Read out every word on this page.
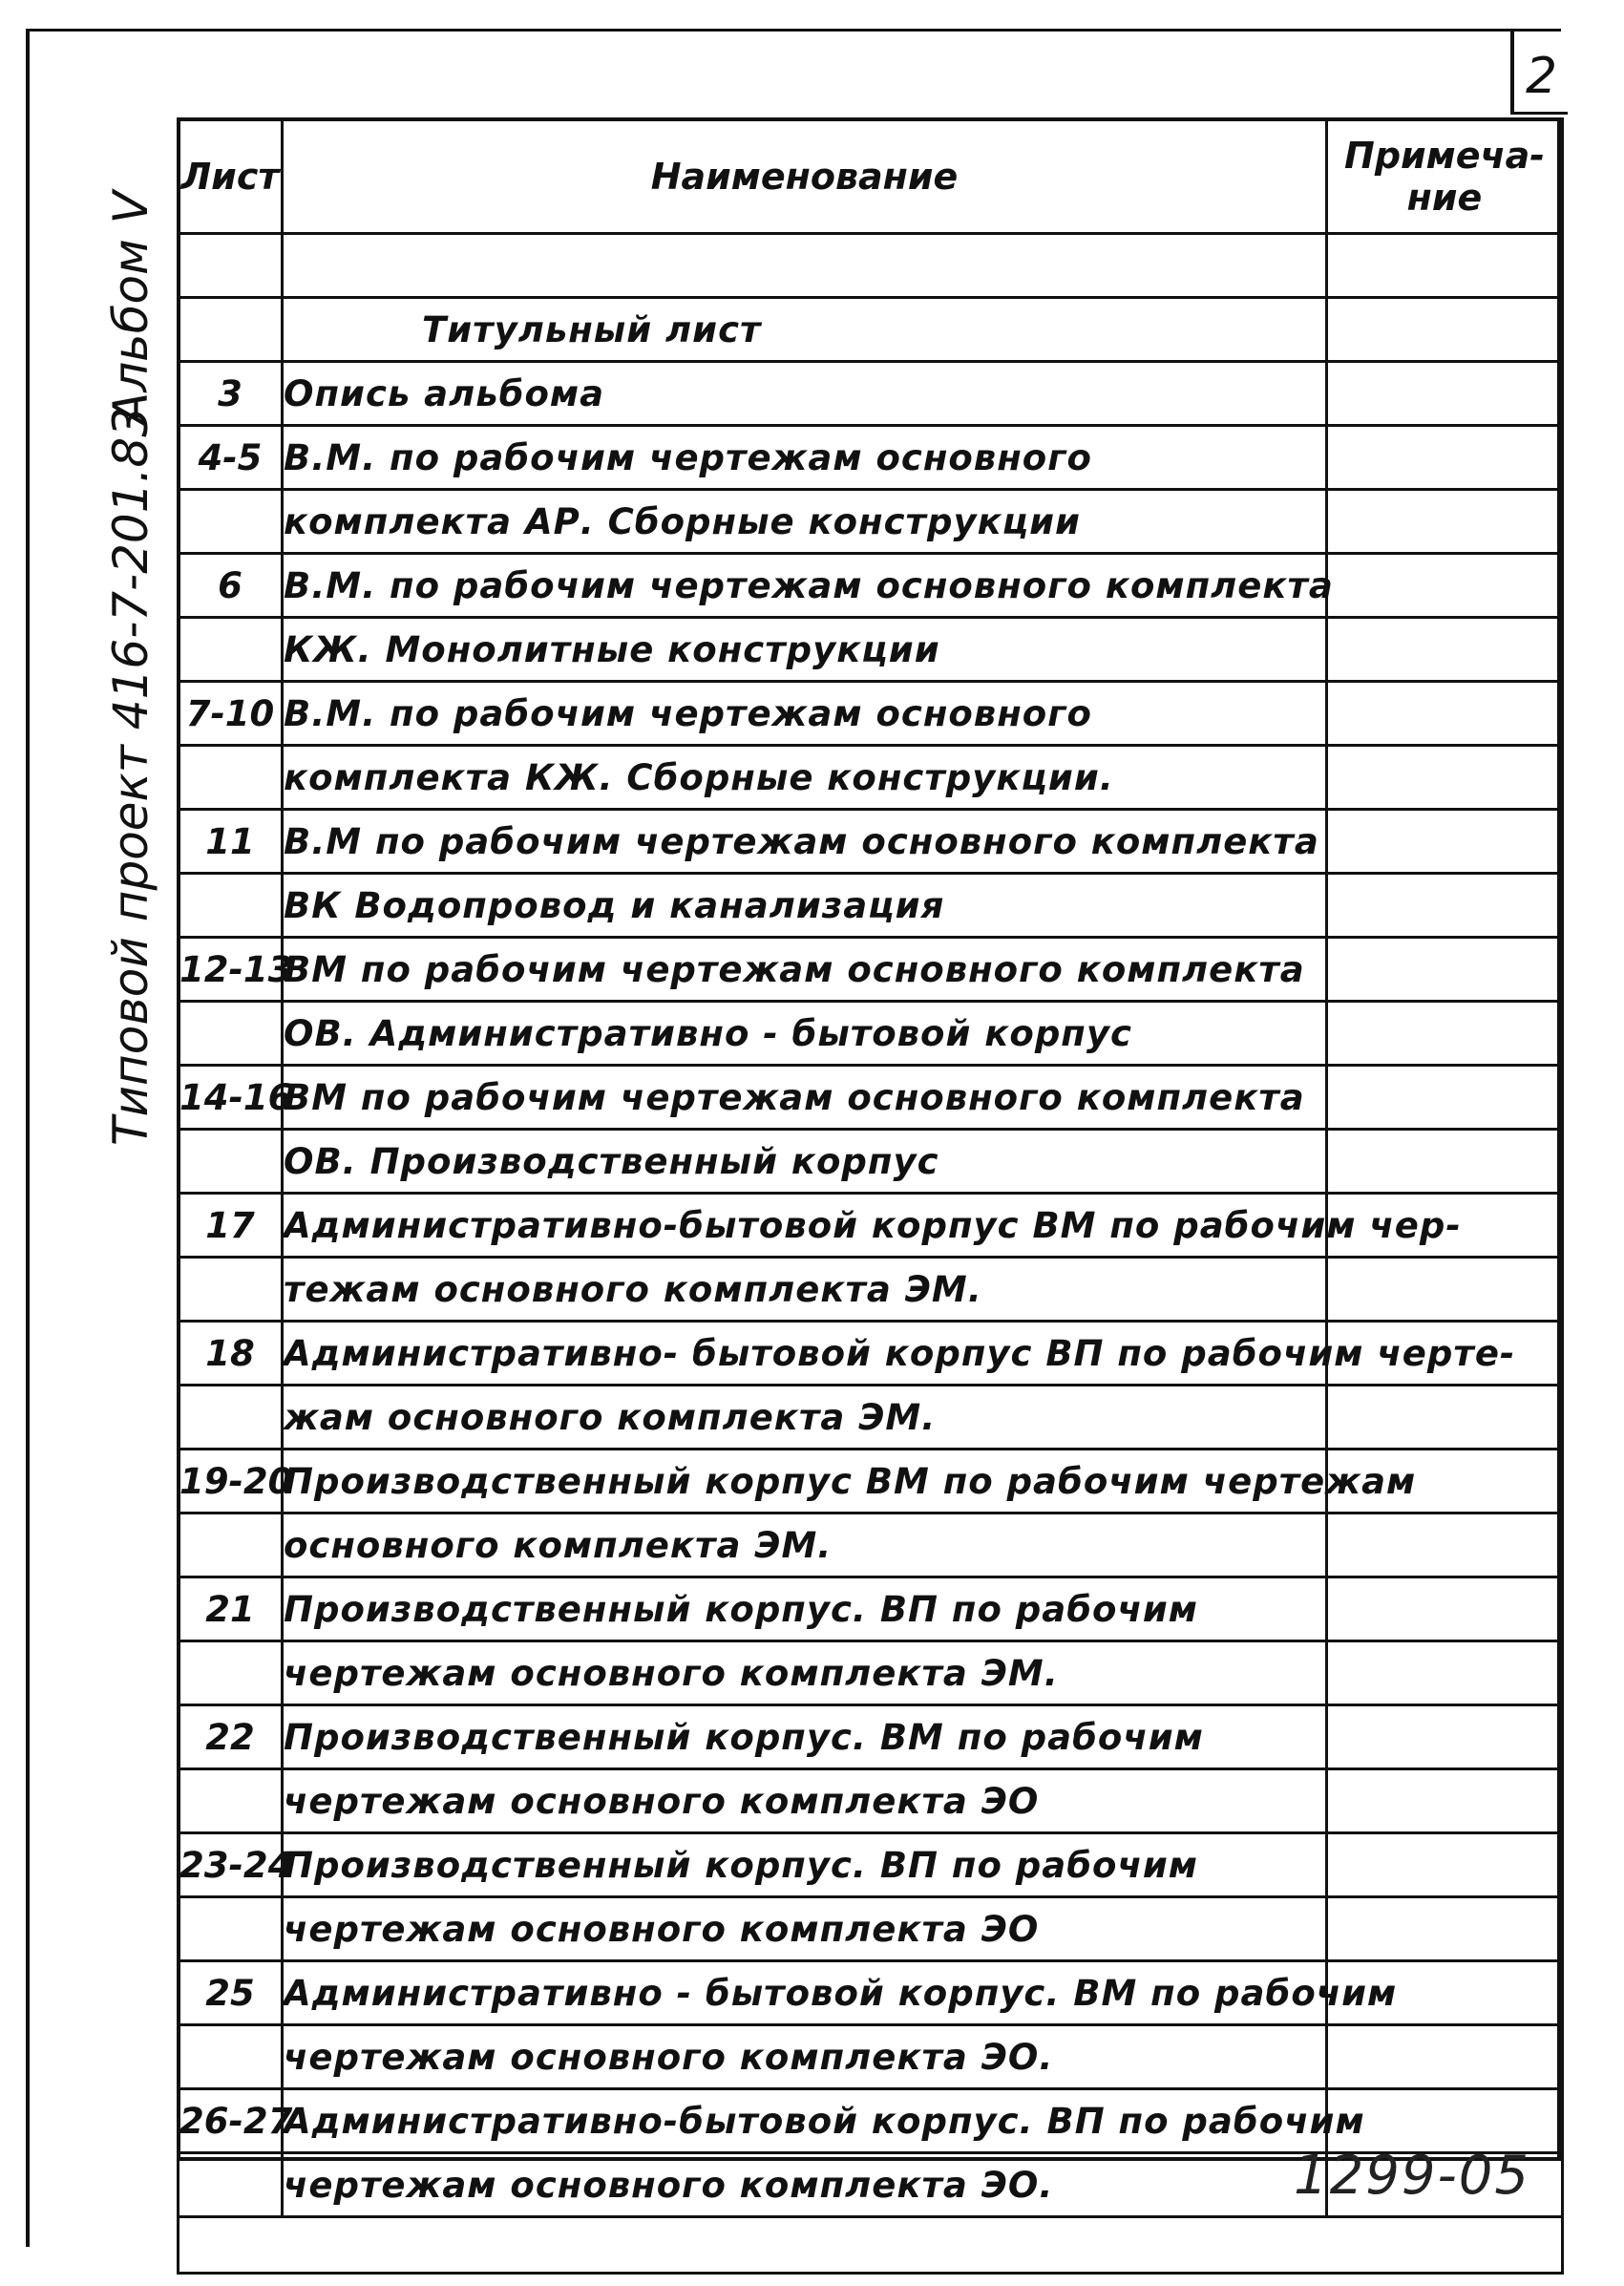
2
Альбом V
Типовой проект 416-7-201.83
Лист	Наименование	Примеча-
ние

	Титульный лист	
3	Опись альбома	
4-5	В.М. по рабочим чертежам основного	
	комплекта АР. Сборные конструкции	
6	В.М. по рабочим чертежам основного комплекта	
	КЖ. Монолитные конструкции	
7-10	В.М. по рабочим чертежам основного	
	комплекта КЖ. Сборные конструкции.	
11	В.М по рабочим чертежам основного комплекта	
	ВК Водопровод и канализация	
12-13	ВМ по рабочим чертежам основного комплекта	
	ОВ. Административно - бытовой корпус	
14-16	ВМ по рабочим чертежам основного комплекта	
	ОВ. Производственный корпус	
17	Административно-бытовой корпус ВМ по рабочим чер-	
	тежам основного комплекта ЭМ.	
18	Административно- бытовой корпус ВП по рабочим черте-	
	жам основного комплекта ЭМ.	
19-20	Производственный корпус ВМ по рабочим чертежам	
	основного комплекта ЭМ.	
21	Производственный корпус. ВП по рабочим	
	чертежам основного комплекта ЭМ.	
22	Производственный корпус. ВМ по рабочим	
	чертежам основного комплекта ЭО	
23-24	Производственный корпус. ВП по рабочим	
	чертежам основного комплекта ЭО	
25	Административно - бытовой корпус. ВМ по рабочим	
	чертежам основного комплекта ЭО.	
26-27	Административно-бытовой корпус. ВП по рабочим	
	чертежам основного комплекта ЭО.		1299-05
